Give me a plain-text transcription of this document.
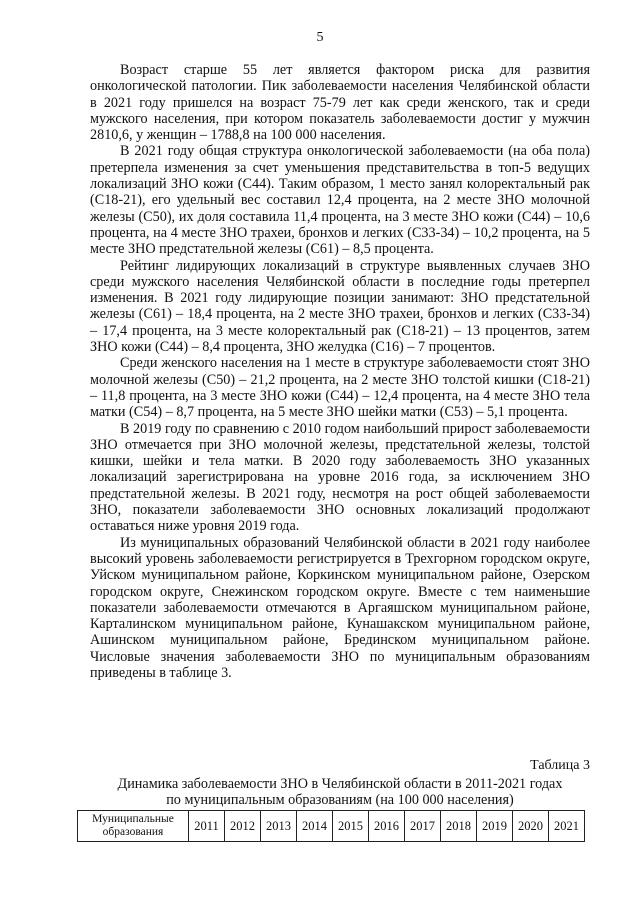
5

Возраст старше 55 лет является фактором риска для развития онкологической патологии. Пик заболеваемости населения Челябинской области в 2021 году пришелся на возраст 75-79 лет как среди женского, так и среди мужского населения, при котором показатель заболеваемости достиг у мужчин 2810,6, у женщин – 1788,8 на 100 000 населения.

В 2021 году общая структура онкологической заболеваемости (на оба пола) претерпела изменения за счет уменьшения представительства в топ-5 ведущих локализаций ЗНО кожи (С44). Таким образом, 1 место занял колоректальный рак (С18-21), его удельный вес составил 12,4 процента, на 2 месте ЗНО молочной железы (С50), их доля составила 11,4 процента, на 3 месте ЗНО кожи (С44) – 10,6 процента, на 4 месте ЗНО трахеи, бронхов и легких (С33-34) – 10,2 процента, на 5 месте ЗНО предстательной железы (С61) – 8,5 процента.

Рейтинг лидирующих локализаций в структуре выявленных случаев ЗНО среди мужского населения Челябинской области в последние годы претерпел изменения. В 2021 году лидирующие позиции занимают: ЗНО предстательной железы (С61) – 18,4 процента, на 2 месте ЗНО трахеи, бронхов и легких (С33-34) – 17,4 процента, на 3 месте колоректальный рак (С18-21) – 13 процентов, затем ЗНО кожи (С44) – 8,4 процента, ЗНО желудка (С16) – 7 процентов.

Среди женского населения на 1 месте в структуре заболеваемости стоят ЗНО молочной железы (С50) – 21,2 процента, на 2 месте ЗНО толстой кишки (С18-21) – 11,8 процента, на 3 месте ЗНО кожи (С44) – 12,4 процента, на 4 месте ЗНО тела матки (С54) – 8,7 процента, на 5 месте ЗНО шейки матки (С53) – 5,1 процента.

В 2019 году по сравнению с 2010 годом наибольший прирост заболеваемости ЗНО отмечается при ЗНО молочной железы, предстательной железы, толстой кишки, шейки и тела матки. В 2020 году заболеваемость ЗНО указанных локализаций зарегистрирована на уровне 2016 года, за исключением ЗНО предстательной железы. В 2021 году, несмотря на рост общей заболеваемости ЗНО, показатели заболеваемости ЗНО основных локализаций продолжают оставаться ниже уровня 2019 года.

Из муниципальных образований Челябинской области в 2021 году наиболее высокий уровень заболеваемости регистрируется в Трехгорном городском округе, Уйском муниципальном районе, Коркинском муниципальном районе, Озерском городском округе, Снежинском городском округе. Вместе с тем наименьшие показатели заболеваемости отмечаются в Аргаяшском муниципальном районе, Карталинском муниципальном районе, Кунашакском муниципальном районе, Ашинском муниципальном районе, Брединском муниципальном районе. Числовые значения заболеваемости ЗНО по муниципальным образованиям приведены в таблице 3.

Таблица 3
Динамика заболеваемости ЗНО в Челябинской области в 2011-2021 годах
по муниципальным образованиям (на 100 000 населения)
Муниципальные образования	2011	2012	2013	2014	2015	2016	2017	2018	2019	2020	2021
